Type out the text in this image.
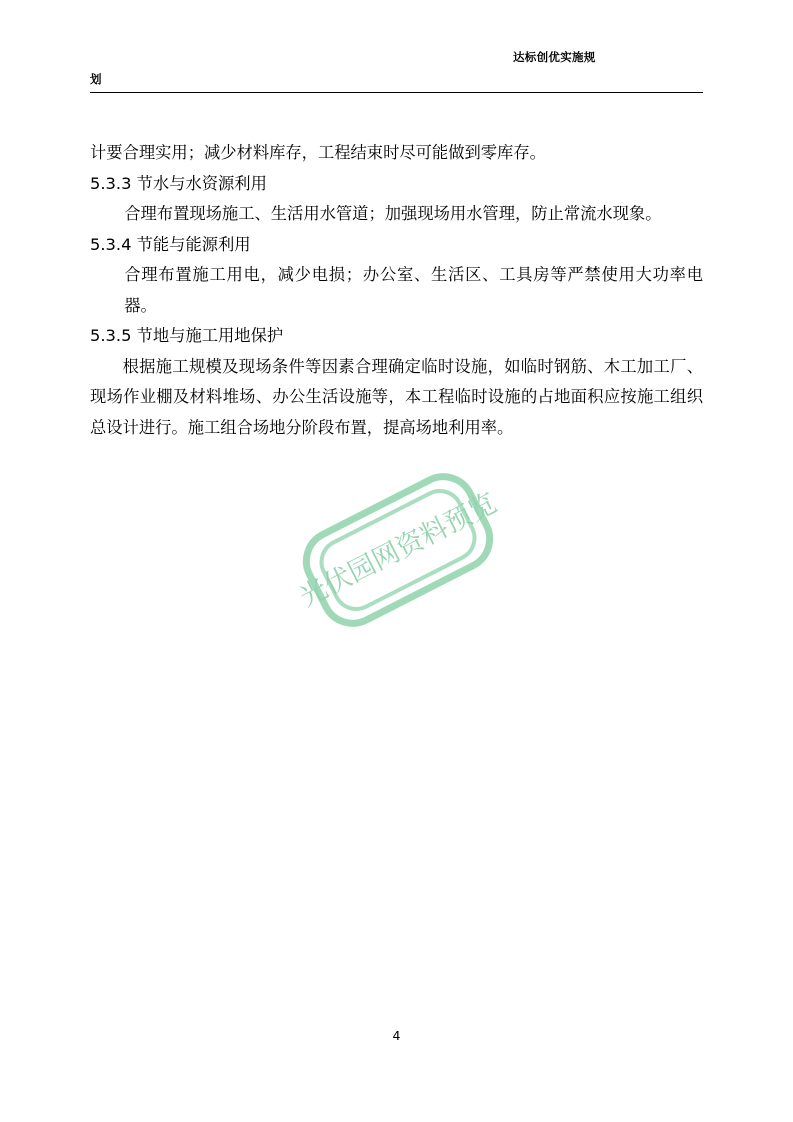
达标创优实施规

划

计要合理实用；减少材料库存，工程结束时尽可能做到零库存。

5.3.3 节水与水资源利用

合理布置现场施工、生活用水管道；加强现场用水管理，防止常流水现象。

5.3.4 节能与能源利用

合理布置施工用电，减少电损；办公室、生活区、工具房等严禁使用大功率电器。

5.3.5 节地与施工用地保护

根据施工规模及现场条件等因素合理确定临时设施，如临时钢筋、木工加工厂、现场作业棚及材料堆场、办公生活设施等，本工程临时设施的占地面积应按施工组织总设计进行。施工组合场地分阶段布置，提高场地利用率。

光伏园网资料预览
4
